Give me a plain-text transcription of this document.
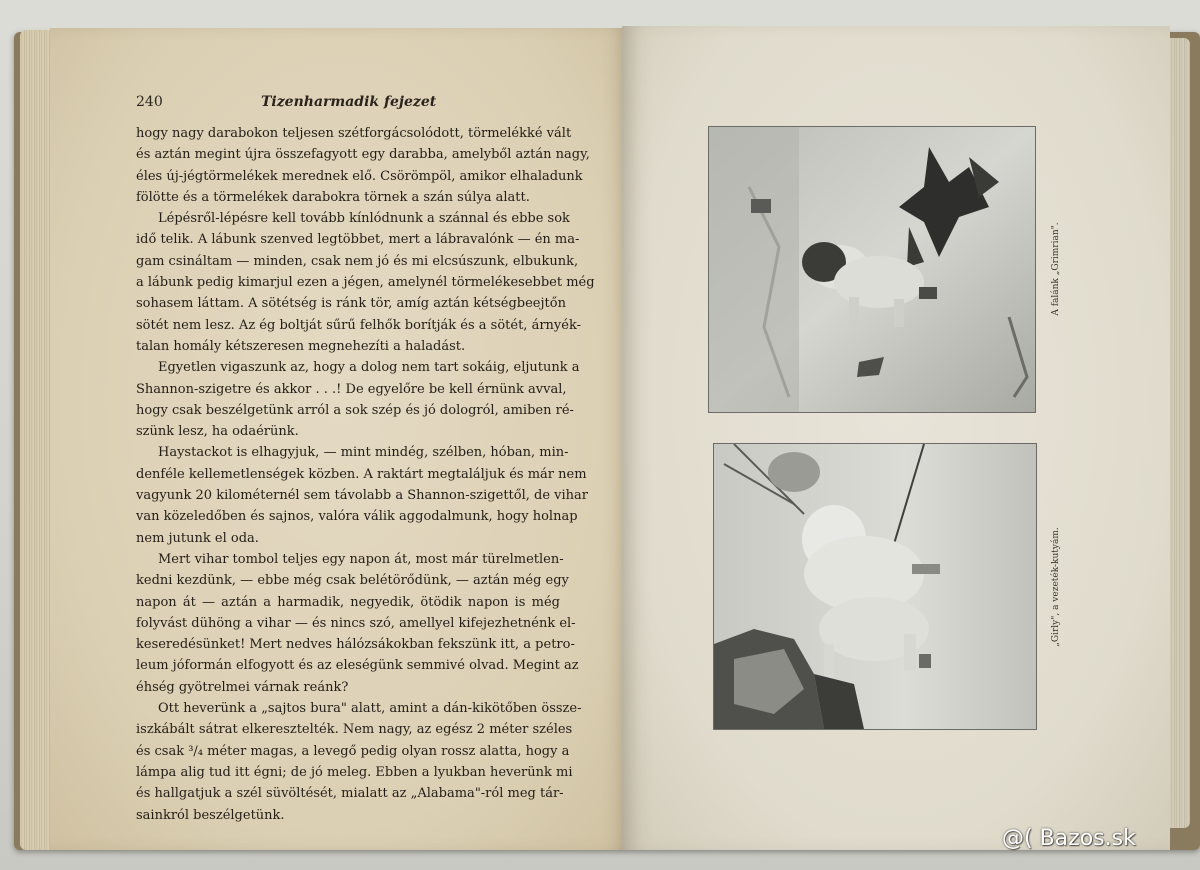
240	Tizenharmadik fejezet
hogy nagy darabokon teljesen szétforgácsolódott, törmelékké vált
és aztán megint újra összefagyott egy darabba, amelyből aztán nagy,
éles új-jégtörmelékek merednek elő. Csörömpöl, amikor elhaladunk
fölötte és a törmelékek darabokra törnek a szán súlya alatt.
Lépésről-lépésre kell tovább kínlódnunk a szánnal és ebbe sok
idő telik. A lábunk szenved legtöbbet, mert a lábravalónk — én ma-
gam csináltam — minden, csak nem jó és mi elcsúszunk, elbukunk,
a lábunk pedig kimarjul ezen a jégen, amelynél törmelékesebbet még
sohasem láttam. A sötétség is ránk tör, amíg aztán kétségbeejtőn
sötét nem lesz. Az ég boltját sűrű felhők borítják és a sötét, árnyék-
talan homály kétszeresen megnehezíti a haladást.
Egyetlen vigaszunk az, hogy a dolog nem tart sokáig, eljutunk a
Shannon-szigetre és akkor . . .! De egyelőre be kell érnünk avval,
hogy csak beszélgetünk arról a sok szép és jó dologról, amiben ré-
szünk lesz, ha odaérünk.
Haystackot is elhagyjuk, — mint mindég, szélben, hóban, min-
denféle kellemetlenségek közben. A raktárt megtaláljuk és már nem
vagyunk 20 kilométernél sem távolabb a Shannon-szigettől, de vihar
van közeledőben és sajnos, valóra válik aggodalmunk, hogy holnap
nem jutunk el oda.
Mert vihar tombol teljes egy napon át, most már türelmetlen-
kedni kezdünk, — ebbe még csak belétörődünk, — aztán még egy
napon át — aztán a harmadik, negyedik, ötödik napon is még
folyvást dühöng a vihar — és nincs szó, amellyel kifejezhetnénk el-
keseredésünket! Mert nedves hálózsákokban fekszünk itt, a petro-
leum jóformán elfogyott és az eleségünk semmivé olvad. Megint az
éhség gyötrelmei várnak reánk?
Ott heverünk a „sajtos bura" alatt, amint a dán-kikötőben össze-
iszkábált sátrat elkeresztelték. Nem nagy, az egész 2 méter széles
és csak ³/₄ méter magas, a levegő pedig olyan rossz alatta, hogy a
lámpa alig tud itt égni; de jó meleg. Ebben a lyukban heverünk mi
és hallgatjuk a szél süvöltését, mialatt az „Alabama"-ról meg tár-
sainkról beszélgetünk.
A falánk „Grimrian".
„Girly", a vezeték-kutyám.
@( Bazos.sk
